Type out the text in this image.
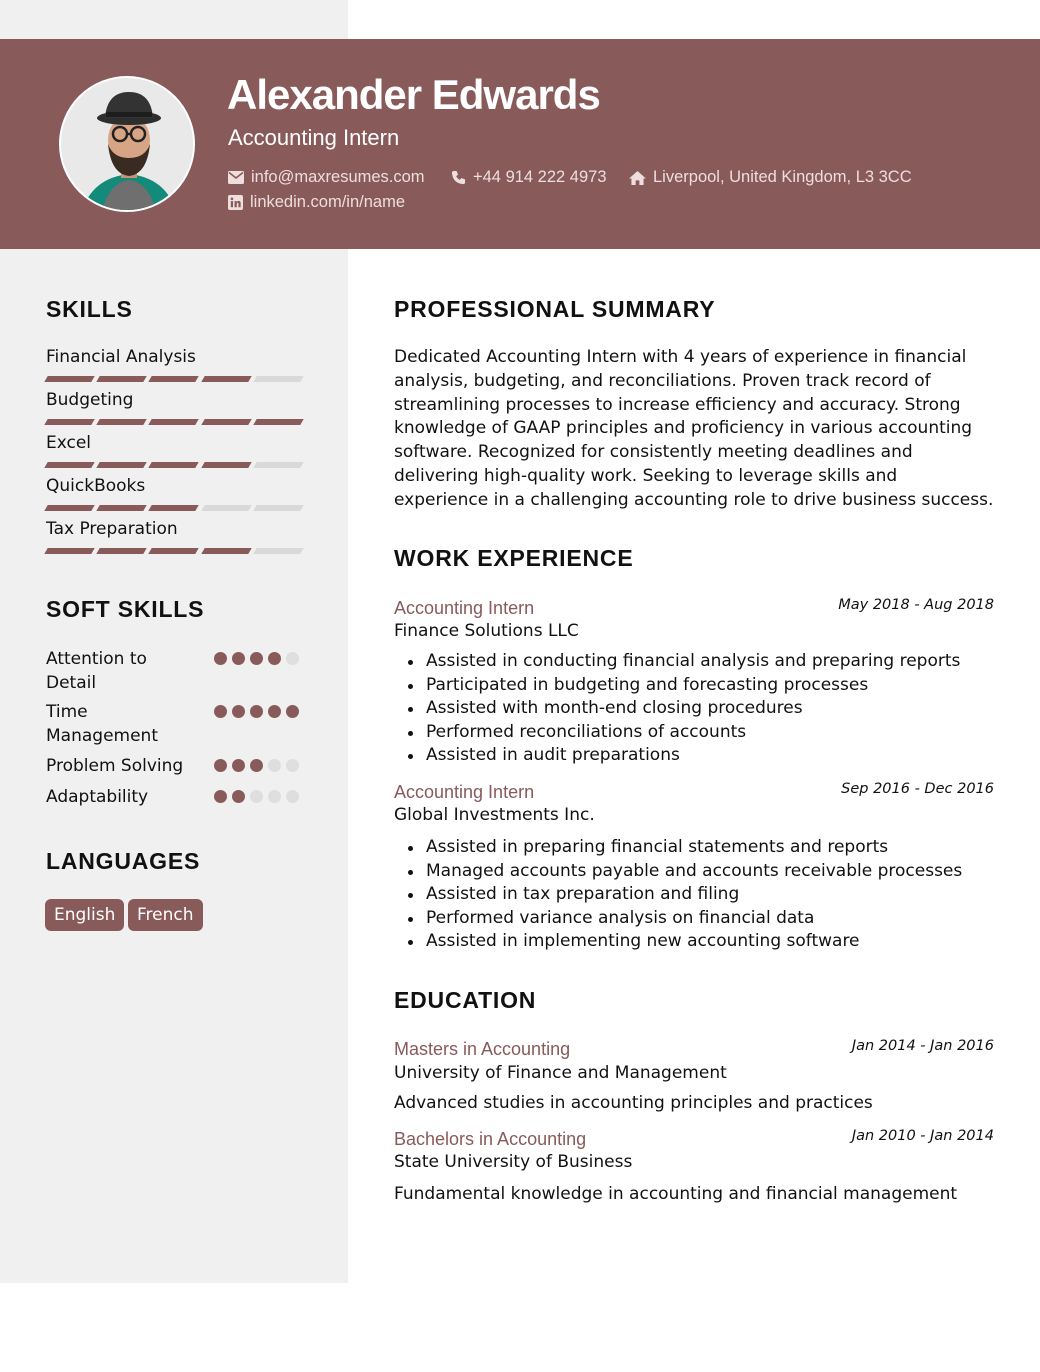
Alexander Edwards
Accounting Intern
info@maxresumes.com	+44 914 222 4973	Liverpool, United Kingdom, L3 3CC
linkedin.com/in/name
SKILLS
Financial Analysis
Budgeting
Excel
QuickBooks
Tax Preparation
SOFT SKILLS
Attention to Detail
Time Management
Problem Solving
Adaptability
LANGUAGES
English	French
PROFESSIONAL SUMMARY
Dedicated Accounting Intern with 4 years of experience in financial analysis, budgeting, and reconciliations. Proven track record of streamlining processes to increase efficiency and accuracy. Strong knowledge of GAAP principles and proficiency in various accounting software. Recognized for consistently meeting deadlines and delivering high-quality work. Seeking to leverage skills and experience in a challenging accounting role to drive business success.
WORK EXPERIENCE
Accounting Intern	May 2018 - Aug 2018
Finance Solutions LLC
Assisted in conducting financial analysis and preparing reports
Participated in budgeting and forecasting processes
Assisted with month-end closing procedures
Performed reconciliations of accounts
Assisted in audit preparations
Accounting Intern	Sep 2016 - Dec 2016
Global Investments Inc.
Assisted in preparing financial statements and reports
Managed accounts payable and accounts receivable processes
Assisted in tax preparation and filing
Performed variance analysis on financial data
Assisted in implementing new accounting software
EDUCATION
Masters in Accounting	Jan 2014 - Jan 2016
University of Finance and Management
Advanced studies in accounting principles and practices
Bachelors in Accounting	Jan 2010 - Jan 2014
State University of Business
Fundamental knowledge in accounting and financial management
